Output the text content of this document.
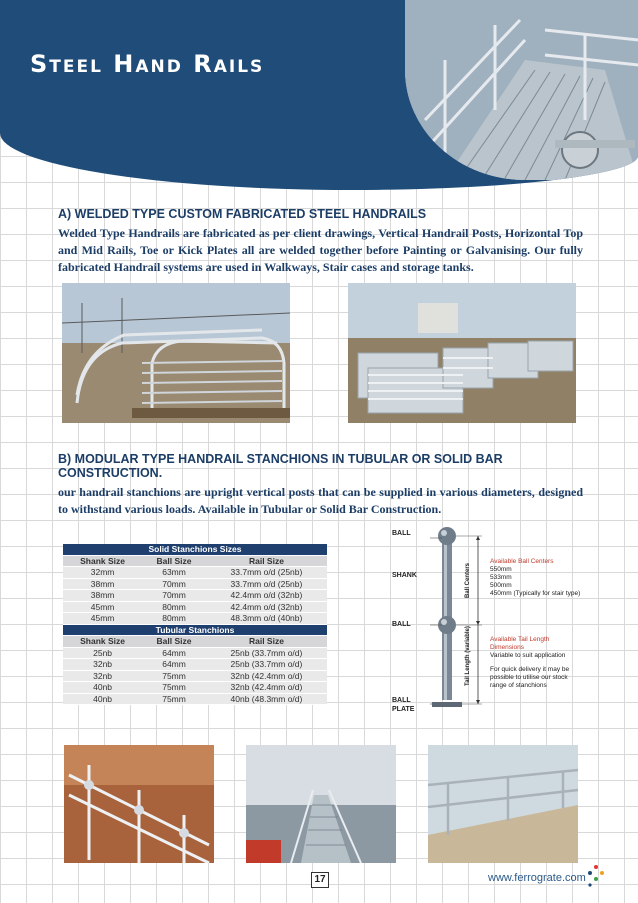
Steel Hand Rails
A) WELDED TYPE CUSTOM FABRICATED STEEL HANDRAILS

Welded Type Handrails are fabricated as per client drawings, Vertical Handrail Posts, Horizontal Top and Mid Rails, Toe or Kick Plates all are welded together before Painting or Galvanising. Our fully fabricated Handrail systems are used in Walkways, Stair cases and storage tanks.

B) MODULAR TYPE HANDRAIL STANCHIONS IN TUBULAR OR SOLID BAR CONSTRUCTION.

our handrail stanchions are upright vertical posts that can be supplied in various diameters, designed to withstand various loads. Available in Tubular or Solid Bar Construction.

Solid Stanchions Sizes		
Shank Size	Ball Size	Rail Size
32mm	63mm	33.7mm o/d (25nb)
38mm	70mm	33.7mm o/d (25nb)
38mm	70mm	42.4mm o/d (32nb)
45mm	80mm	42.4mm o/d (32nb)
45mm	80mm	48.3mm o/d (40nb)
Tubular Stanchions		
Shank Size	Ball Size	Rail Size
25nb	64mm	25nb (33.7mm o/d)
32nb	64mm	25nb (33.7mm o/d)
32nb	75mm	32nb (42.4mm o/d)
40nb	75mm	32nb (42.4mm o/d)
40nb	75mm	40nb (48.3mm o/d)
BALL
SHANK
BALL
BALL
PLATE
Ball Centers
Tail Length (variable)
Available Ball Centers
550mm
533mm
500mm
450mm (Typically for stair type)
Available Tail Length
Dimensions
Variable to suit application
For quick delivery it may be
possible to utilise our stock
range of stanchions
17	www.ferrograte.com
